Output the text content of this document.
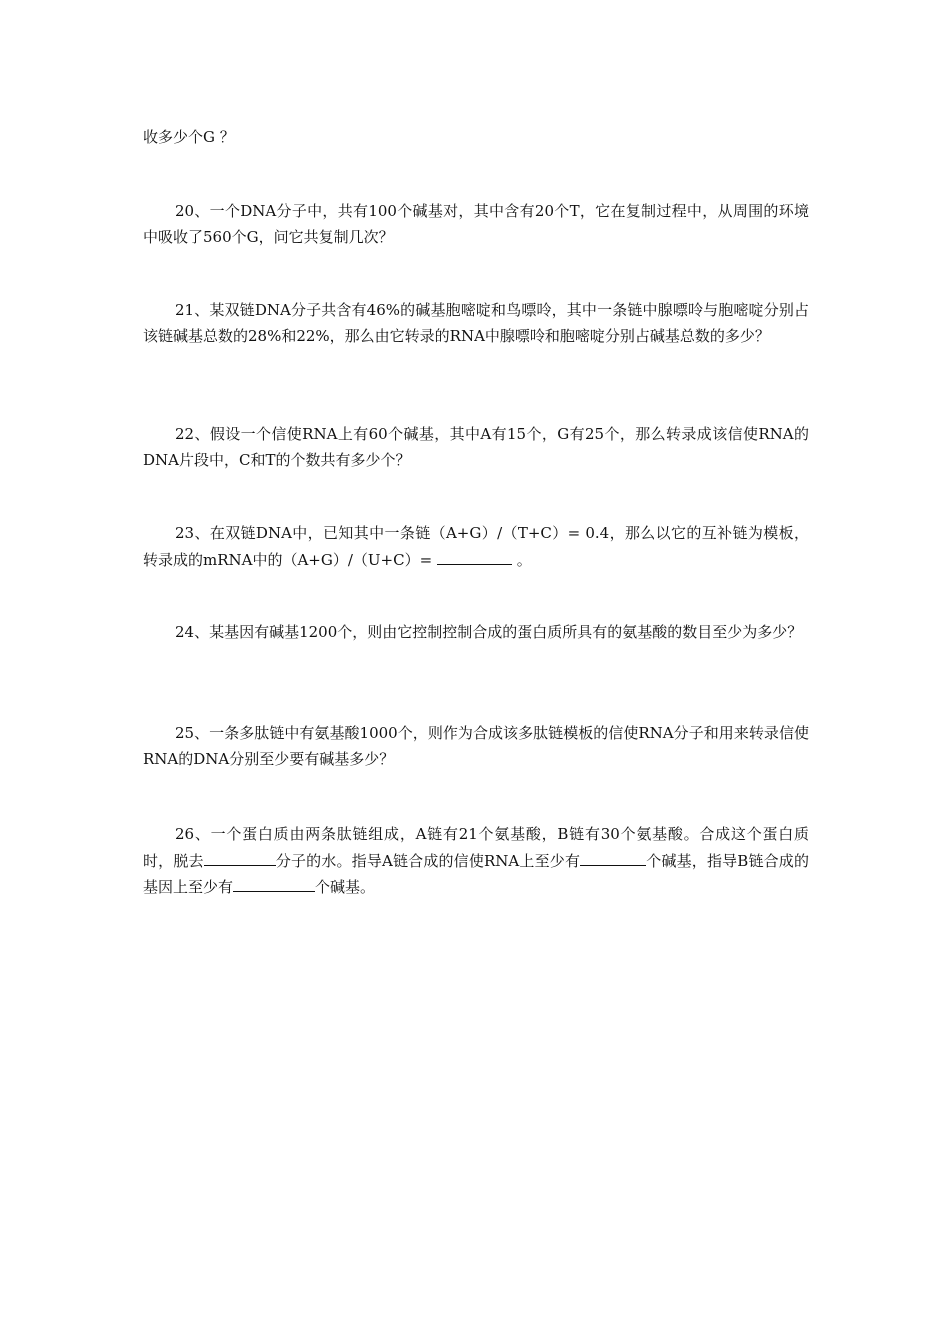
收多少个G ？

20、一个DNA分子中，共有100个碱基对，其中含有20个T，它在复制过程中，从周围的环境中吸收了560个G，问它共复制几次？

21、某双链DNA分子共含有46%的碱基胞嘧啶和鸟嘌呤，其中一条链中腺嘌呤与胞嘧啶分别占该链碱基总数的28%和22%，那么由它转录的RNA中腺嘌呤和胞嘧啶分别占碱基总数的多少？

22、假设一个信使RNA上有60个碱基，其中A有15个，G有25个，那么转录成该信使RNA的DNA片段中，C和T的个数共有多少个？

23、在双链DNA中，已知其中一条链（A+G）/（T+C）= 0.4，那么以它的互补链为模板，转录成的mRNA中的（A+G）/（U+C）=	。

24、某基因有碱基1200个，则由它控制控制合成的蛋白质所具有的氨基酸的数目至少为多少？

25、一条多肽链中有氨基酸1000个，则作为合成该多肽链模板的信使RNA分子和用来转录信使RNA的DNA分别至少要有碱基多少？

26、一个蛋白质由两条肽链组成，A链有21个氨基酸，B链有30个氨基酸。合成这个蛋白质时，脱去	分子的水。指导A链合成的信使RNA上至少有	个碱基，指导B链合成的基因上至少有	个碱基。
